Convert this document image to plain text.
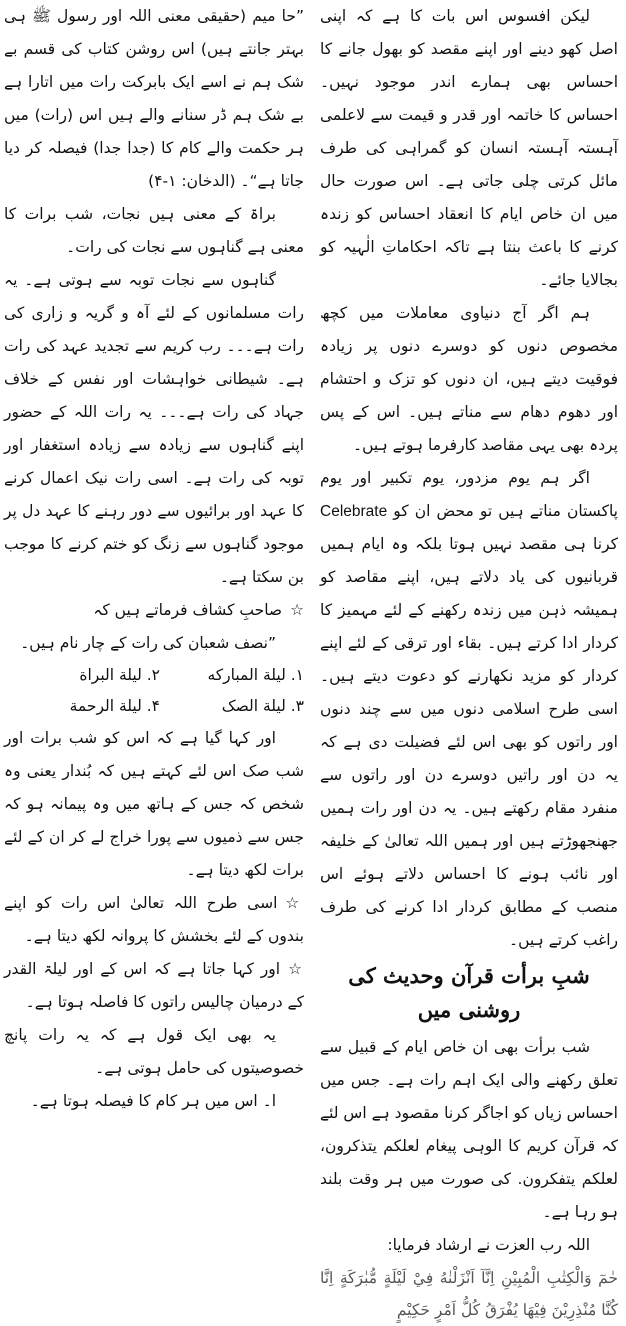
لیکن افسوس اس بات کا ہے کہ اپنی اصل کھو دینے اور اپنے مقصد کو بھول جانے کا احساس بھی ہمارے اندر موجود نہیں۔ احساس کا خاتمہ اور قدر و قیمت سے لاعلمی آہستہ آہستہ انسان کو گمراہی کی طرف مائل کرتی چلی جاتی ہے۔ اس صورت حال میں ان خاص ایام کا انعقاد احساس کو زندہ کرنے کا باعث بنتا ہے تاکہ احکاماتِ الٰہیہ کو بجالایا جائے۔

ہم اگر آج دنیاوی معاملات میں کچھ مخصوص دنوں کو دوسرے دنوں پر زیادہ فوقیت دیتے ہیں، ان دنوں کو تزک و احتشام اور دھوم دھام سے مناتے ہیں۔ اس کے پس پردہ بھی یہی مقاصد کارفرما ہوتے ہیں۔

اگر ہم یوم مزدور، یوم تکبیر اور یوم پاکستان مناتے ہیں تو محض ان کو Celebrate کرنا ہی مقصد نہیں ہوتا بلکہ وہ ایام ہمیں قربانیوں کی یاد دلاتے ہیں، اپنے مقاصد کو ہمیشہ ذہن میں زندہ رکھنے کے لئے مہمیز کا کردار ادا کرتے ہیں۔ بقاء اور ترقی کے لئے اپنے کردار کو مزید نکھارنے کو دعوت دیتے ہیں۔ اسی طرح اسلامی دنوں میں سے چند دنوں اور راتوں کو بھی اس لئے فضیلت دی ہے کہ یہ دن اور راتیں دوسرے دن اور راتوں سے منفرد مقام رکھتے ہیں۔ یہ دن اور رات ہمیں جھنجھوڑتے ہیں اور ہمیں اللہ تعالیٰ کے خلیفہ اور نائب ہونے کا احساس دلاتے ہوئے اس منصب کے مطابق کردار ادا کرنے کی طرف راغب کرتے ہیں۔

شبِ برأت قرآن وحدیث کی روشنی میں

شب برأت بھی ان خاص ایام کے قبیل سے تعلق رکھنے والی ایک اہم رات ہے۔ جس میں احساس زیاں کو اجاگر کرنا مقصود ہے اس لئے کہ قرآن کریم کا الوہی پیغام لعلکم یتذکرون، لعلکم یتفکرون. کی صورت میں ہر وقت بلند ہو رہا ہے۔

اللہ رب العزت نے ارشاد فرمایا:

حٰمٓ وَالْكِتٰبِ الْمُبِيْنِ اِنَّآ اَنْزَلْنٰهُ فِيْ لَيْلَةٍ مُّبٰرَكَةٍ اِنَّا كُنَّا مُنْذِرِيْنَ فِيْهَا يُفْرَقُ كُلُّ اَمْرٍ حَكِيْمٍ

”حا میم (حقیقی معنی اللہ اور رسول ﷺ ہی بہتر جانتے ہیں) اس روشن کتاب کی قسم بے شک ہم نے اسے ایک بابرکت رات میں اتارا ہے بے شک ہم ڈر سنانے والے ہیں اس (رات) میں ہر حکمت والے کام کا (جدا جدا) فیصلہ کر دیا جاتا ہے“۔ (الدخان: ۱-۴)

براۃ کے معنی ہیں نجات، شب برات کا معنی ہے گناہوں سے نجات کی رات۔

گناہوں سے نجات توبہ سے ہوتی ہے۔ یہ رات مسلمانوں کے لئے آہ و گریہ و زاری کی رات ہے۔۔۔ رب کریم سے تجدید عہد کی رات ہے۔ شیطانی خواہشات اور نفس کے خلاف جہاد کی رات ہے۔۔۔ یہ رات اللہ کے حضور اپنے گناہوں سے زیادہ سے زیادہ استغفار اور توبہ کی رات ہے۔ اسی رات نیک اعمال کرنے کا عہد اور برائیوں سے دور رہنے کا عہد دل پر موجود گناہوں سے زنگ کو ختم کرنے کا موجب بن سکتا ہے۔

☆صاحبِ کشاف فرماتے ہیں کہ

”نصف شعبان کی رات کے چار نام ہیں۔

۱. ليلة المباركه۲. ليلة البراة ۳. ليلة الصک۴. ليلة الرحمة

اور کہا گیا ہے کہ اس کو شب برات اور شب صک اس لئے کہتے ہیں کہ بُندار یعنی وہ شخص کہ جس کے ہاتھ میں وہ پیمانہ ہو کہ جس سے ذمیوں سے پورا خراج لے کر ان کے لئے برات لکھ دیتا ہے۔

☆اسی طرح اللہ تعالیٰ اس رات کو اپنے بندوں کے لئے بخشش کا پروانہ لکھ دیتا ہے۔

☆اور کہا جاتا ہے کہ اس کے اور لیلۃ القدر کے درمیان چالیس راتوں کا فاصلہ ہوتا ہے۔

یہ بھی ایک قول ہے کہ یہ رات پانچ خصوصیتوں کی حامل ہوتی ہے۔

ا۔ اس میں ہر کام کا فیصلہ ہوتا ہے۔
